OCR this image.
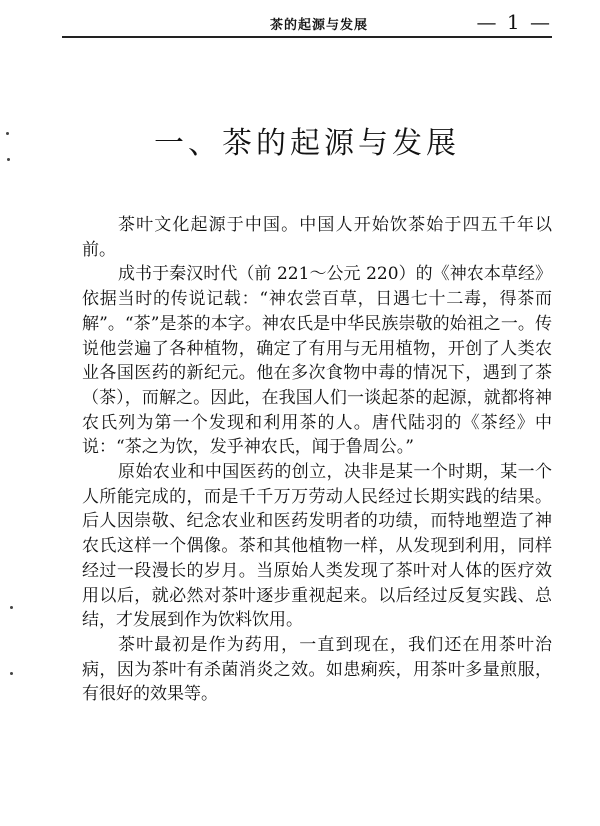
茶的起源与发展	— 1 —
一、茶的起源与发展

茶叶文化起源于中国。中国人开始饮茶始于四五千年以前。

成书于秦汉时代（前 221～公元 220）的《神农本草经》依据当时的传说记载：“神农尝百草，日遇七十二毒，得茶而解”。“茶”是茶的本字。神农氏是中华民族崇敬的始祖之一。传说他尝遍了各种植物，确定了有用与无用植物，开创了人类农业各国医药的新纪元。他在多次食物中毒的情况下，遇到了茶（茶），而解之。因此，在我国人们一谈起茶的起源，就都将神农氏列为第一个发现和利用茶的人。唐代陆羽的《茶经》中说：“茶之为饮，发乎神农氏，闻于鲁周公。”

原始农业和中国医药的创立，决非是某一个时期，某一个人所能完成的，而是千千万万劳动人民经过长期实践的结果。后人因崇敬、纪念农业和医药发明者的功绩，而特地塑造了神农氏这样一个偶像。茶和其他植物一样，从发现到利用，同样经过一段漫长的岁月。当原始人类发现了茶叶对人体的医疗效用以后，就必然对茶叶逐步重视起来。以后经过反复实践、总结，才发展到作为饮料饮用。

茶叶最初是作为药用，一直到现在，我们还在用茶叶治病，因为茶叶有杀菌消炎之效。如患痢疾，用茶叶多量煎服，有很好的效果等。
